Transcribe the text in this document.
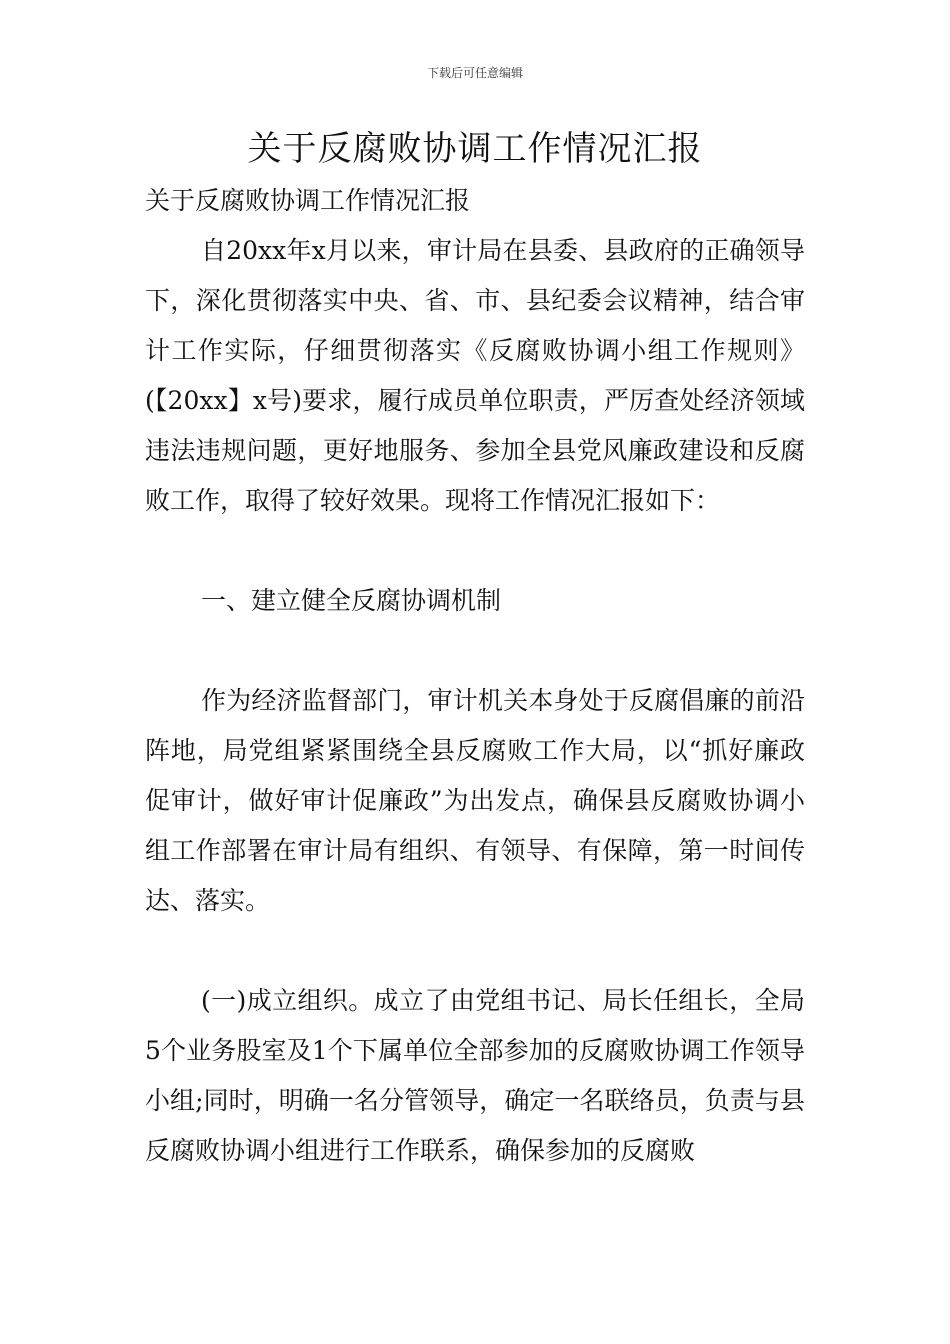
下载后可任意编辑
关于反腐败协调工作情况汇报

关于反腐败协调工作情况汇报

自20xx年x月以来，审计局在县委、县政府的正确领导下，深化贯彻落实中央、省、市、县纪委会议精神，结合审计工作实际，仔细贯彻落实《反腐败协调小组工作规则》(【20xx】x号)要求，履行成员单位职责，严厉查处经济领域违法违规问题，更好地服务、参加全县党风廉政建设和反腐败工作，取得了较好效果。现将工作情况汇报如下：

一、建立健全反腐协调机制

作为经济监督部门，审计机关本身处于反腐倡廉的前沿阵地，局党组紧紧围绕全县反腐败工作大局，以“抓好廉政促审计，做好审计促廉政”为出发点，确保县反腐败协调小组工作部署在审计局有组织、有领导、有保障，第一时间传达、落实。

(一)成立组织。成立了由党组书记、局长任组长，全局5个业务股室及1个下属单位全部参加的反腐败协调工作领导小组;同时，明确一名分管领导，确定一名联络员，负责与县反腐败协调小组进行工作联系，确保参加的反腐败
